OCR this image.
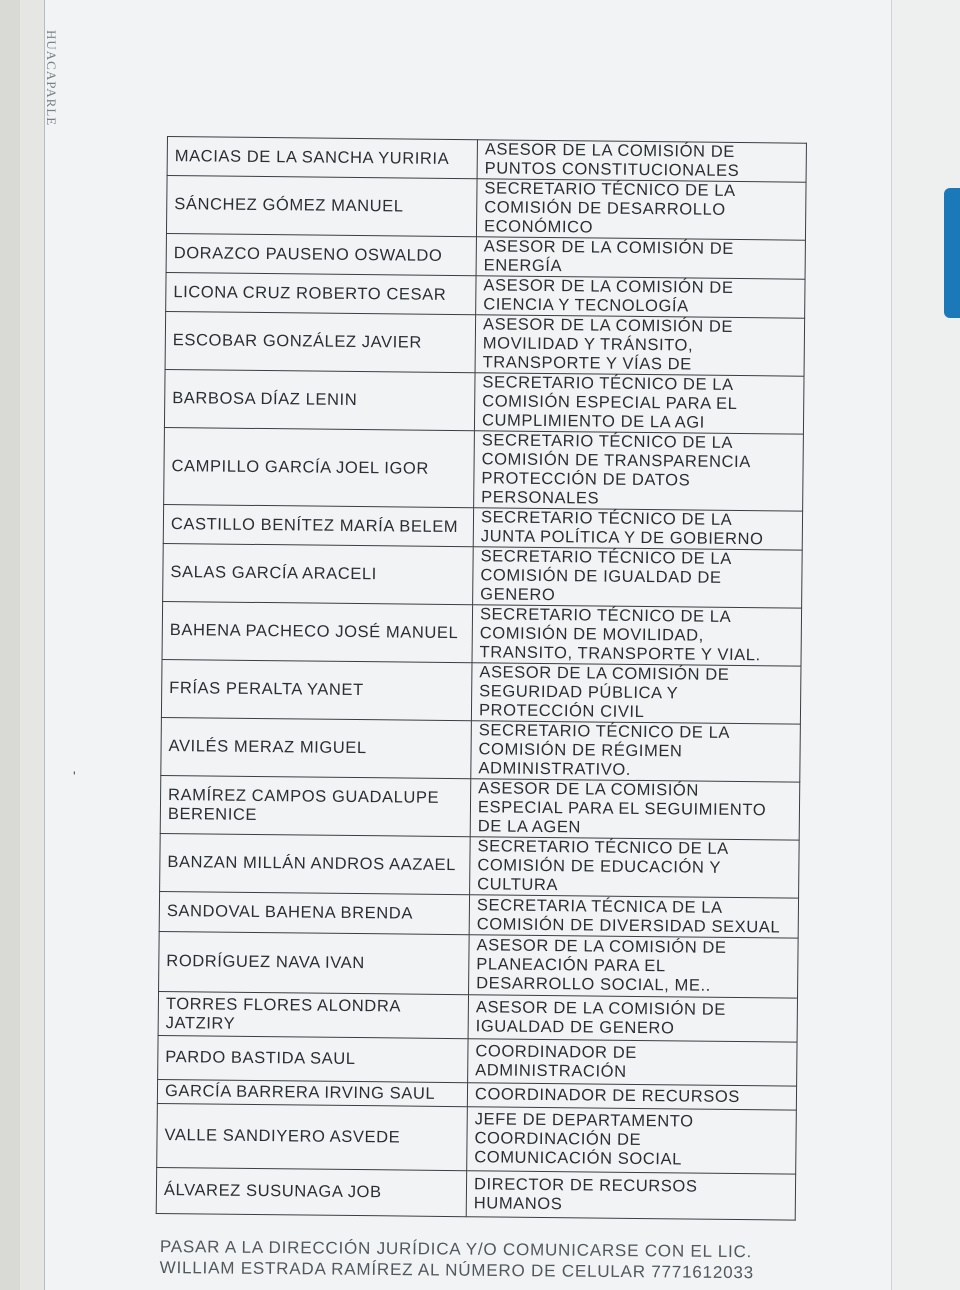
HUACAPARLE
'
MACIAS DE LA SANCHA YURIRIA	ASESOR DE LA COMISIÓN DE
PUNTOS CONSTITUCIONALES
SÁNCHEZ GÓMEZ MANUEL	SECRETARIO TÉCNICO DE LA
COMISIÓN DE DESARROLLO
ECONÓMICO
DORAZCO PAUSENO OSWALDO	ASESOR DE LA COMISIÓN DE
ENERGÍA
LICONA CRUZ ROBERTO CESAR	ASESOR DE LA COMISIÓN DE
CIENCIA Y TECNOLOGÍA
ESCOBAR GONZÁLEZ JAVIER	ASESOR DE LA COMISIÓN DE
MOVILIDAD Y TRÁNSITO,
TRANSPORTE Y VÍAS DE
BARBOSA DÍAZ LENIN	SECRETARIO TÉCNICO DE LA
COMISIÓN ESPECIAL PARA EL
CUMPLIMIENTO DE LA AGI
CAMPILLO GARCÍA JOEL IGOR	SECRETARIO TÉCNICO DE LA
COMISIÓN DE TRANSPARENCIA
PROTECCIÓN DE DATOS
PERSONALES
CASTILLO BENÍTEZ MARÍA BELEM	SECRETARIO TÉCNICO DE LA
JUNTA POLÍTICA Y DE GOBIERNO
SALAS GARCÍA ARACELI	SECRETARIO TÉCNICO DE LA
COMISIÓN DE IGUALDAD DE
GENERO
BAHENA PACHECO JOSÉ MANUEL	SECRETARIO TÉCNICO DE LA
COMISIÓN DE MOVILIDAD,
TRANSITO, TRANSPORTE Y VIAL.
FRÍAS PERALTA YANET	ASESOR DE LA COMISIÓN DE
SEGURIDAD PÚBLICA Y
PROTECCIÓN CIVIL
AVILÉS MERAZ MIGUEL	SECRETARIO TÉCNICO DE LA
COMISIÓN DE RÉGIMEN
ADMINISTRATIVO.
RAMÍREZ CAMPOS GUADALUPE BERENICE	ASESOR DE LA COMISIÓN
ESPECIAL PARA EL SEGUIMIENTO
DE LA AGEN
BANZAN MILLÁN ANDROS AAZAEL	SECRETARIO TÉCNICO DE LA
COMISIÓN DE EDUCACIÓN Y
CULTURA
SANDOVAL BAHENA BRENDA	SECRETARIA TÉCNICA DE LA
COMISIÓN DE DIVERSIDAD SEXUAL
RODRÍGUEZ NAVA IVAN	ASESOR DE LA COMISIÓN DE
PLANEACIÓN PARA EL
DESARROLLO SOCIAL, ME..
TORRES FLORES ALONDRA JATZIRY	ASESOR DE LA COMISIÓN DE
IGUALDAD DE GENERO
PARDO BASTIDA SAUL	COORDINADOR DE
ADMINISTRACIÓN
GARCÍA BARRERA IRVING SAUL	COORDINADOR DE RECURSOS
VALLE SANDIYERO ASVEDE	JEFE DE DEPARTAMENTO
COORDINACIÓN DE
COMUNICACIÓN SOCIAL
ÁLVAREZ SUSUNAGA JOB	DIRECTOR DE RECURSOS
HUMANOS
PASAR A LA DIRECCIÓN JURÍDICA Y/O COMUNICARSE CON EL LIC.
WILLIAM ESTRADA RAMÍREZ AL NÚMERO DE CELULAR 7771612033
